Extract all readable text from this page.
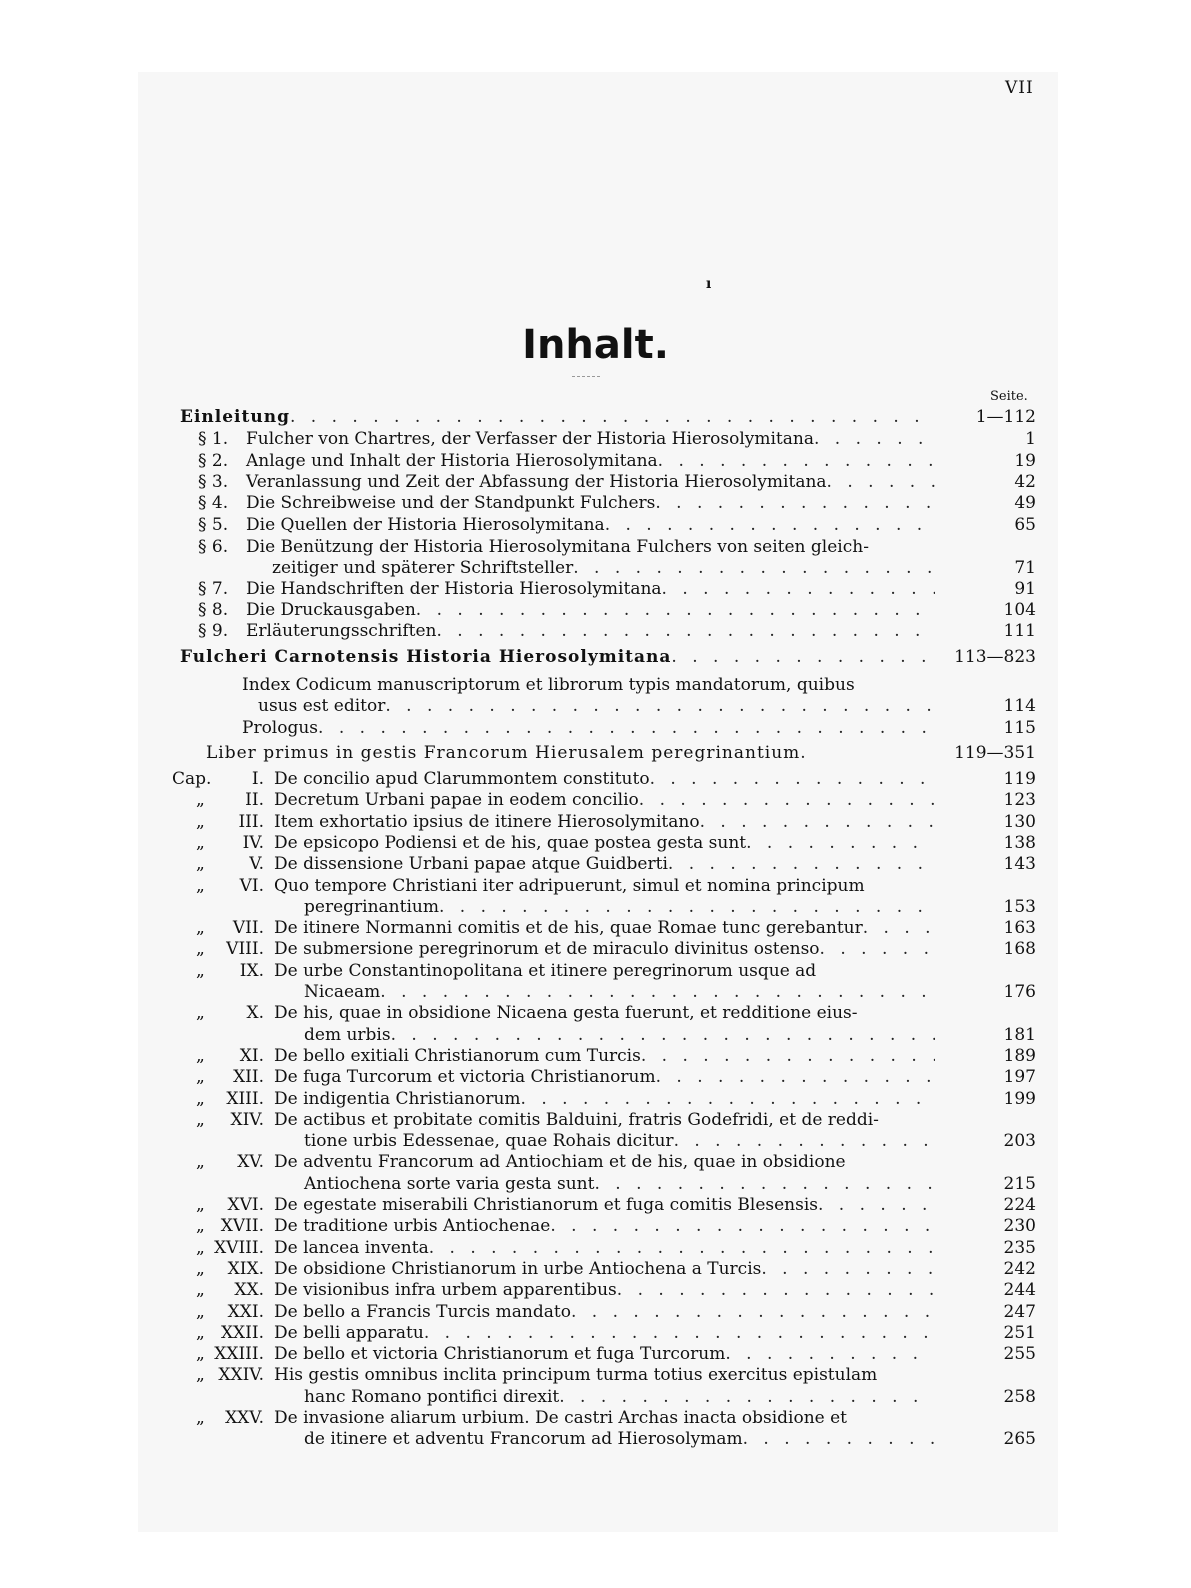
VII
ı
Inhalt.
Seite.
Einleitung . . .	1—112
§ 1. Fulcher von Chartres, der Verfasser der Historia Hierosolymitana . . .	1
§ 2. Anlage und Inhalt der Historia Hierosolymitana . . .	19
§ 3. Veranlassung und Zeit der Abfassung der Historia Hierosolymitana . . .	42
§ 4. Die Schreibweise und der Standpunkt Fulchers . . .	49
§ 5. Die Quellen der Historia Hierosolymitana . . .	65
§ 6. Die Benützung der Historia Hierosolymitana Fulchers von seiten gleich-
zeitiger und späterer Schriftsteller . . .	71
§ 7. Die Handschriften der Historia Hierosolymitana . . .	91
§ 8. Die Druckausgaben . . .	104
§ 9. Erläuterungsschriften . . .	111
Fulcheri Carnotensis Historia Hierosolymitana . . .	113—823
Index Codicum manuscriptorum et librorum typis mandatorum, quibus
usus est editor . . .	114
Prologus . . .	115
Liber primus in gestis Francorum Hierusalem peregrinantium . . .	119—351
Cap.	I. De concilio apud Clarummontem constituto . . .	119
„	II. Decretum Urbani papae in eodem concilio . . .	123
„	III. Item exhortatio ipsius de itinere Hierosolymitano . . .	130
„	IV. De epsicopo Podiensi et de his, quae postea gesta sunt . . .	138
„	V. De dissensione Urbani papae atque Guidberti . . .	143
„	VI. Quo tempore Christiani iter adripuerunt, simul et nomina principum
peregrinantium . . .	153
„	VII. De itinere Normanni comitis et de his, quae Romae tunc gerebantur . . .	163
„	VIII. De submersione peregrinorum et de miraculo divinitus ostenso . . .	168
„	IX. De urbe Constantinopolitana et itinere peregrinorum usque ad
Nicaeam . . .	176
„	X. De his, quae in obsidione Nicaena gesta fuerunt, et redditione eius-
dem urbis . . .	181
„	XI. De bello exitiali Christianorum cum Turcis . . .	189
„	XII. De fuga Turcorum et victoria Christianorum . . .	197
„	XIII. De indigentia Christianorum . . .	199
„	XIV. De actibus et probitate comitis Balduini, fratris Godefridi, et de reddi-
tione urbis Edessenae, quae Rohais dicitur . . .	203
„	XV. De adventu Francorum ad Antiochiam et de his, quae in obsidione
Antiochena sorte varia gesta sunt . . .	215
„	XVI. De egestate miserabili Christianorum et fuga comitis Blesensis . . .	224
„ XVII. De traditione urbis Antiochenae . . .	230
„ XVIII. De lancea inventa . . .	235
„	XIX. De obsidione Christianorum in urbe Antiochena a Turcis . . .	242
„	XX. De visionibus infra urbem apparentibus . . .	244
„	XXI. De bello a Francis Turcis mandato . . .	247
„ XXII. De belli apparatu . . .	251
„ XXIII. De bello et victoria Christianorum et fuga Turcorum . . .	255
„ XXIV. His gestis omnibus inclita principum turma totius exercitus epistulam
hanc Romano pontifici direxit . . .	258
„	XXV. De invasione aliarum urbium. De castri Archas inacta obsidione et
de itinere et adventu Francorum ad Hierosolymam . . .	265
